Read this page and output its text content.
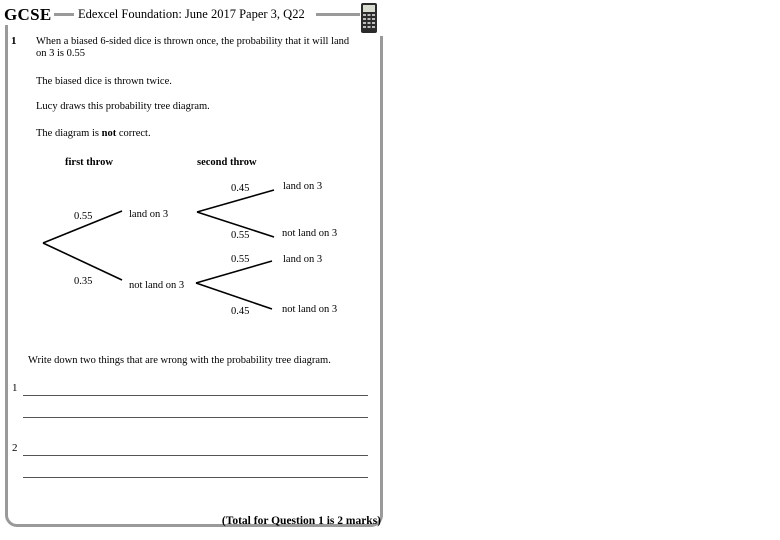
GCSE Edexcel Foundation: June 2017 Paper 3, Q22
1 When a biased 6-sided dice is thrown once, the probability that it will land
on 3 is 0.55
The biased dice is thrown twice.
Lucy draws this probability tree diagram.
The diagram is not correct.
first throw	second throw
0.55	land on 3
0.35	not land on 3
0.45	land on 3
0.55	not land on 3
0.55	land on 3
0.45	not land on 3
Write down two things that are wrong with the probability tree diagram.
1
2
(Total for Question 1 is 2 marks)
